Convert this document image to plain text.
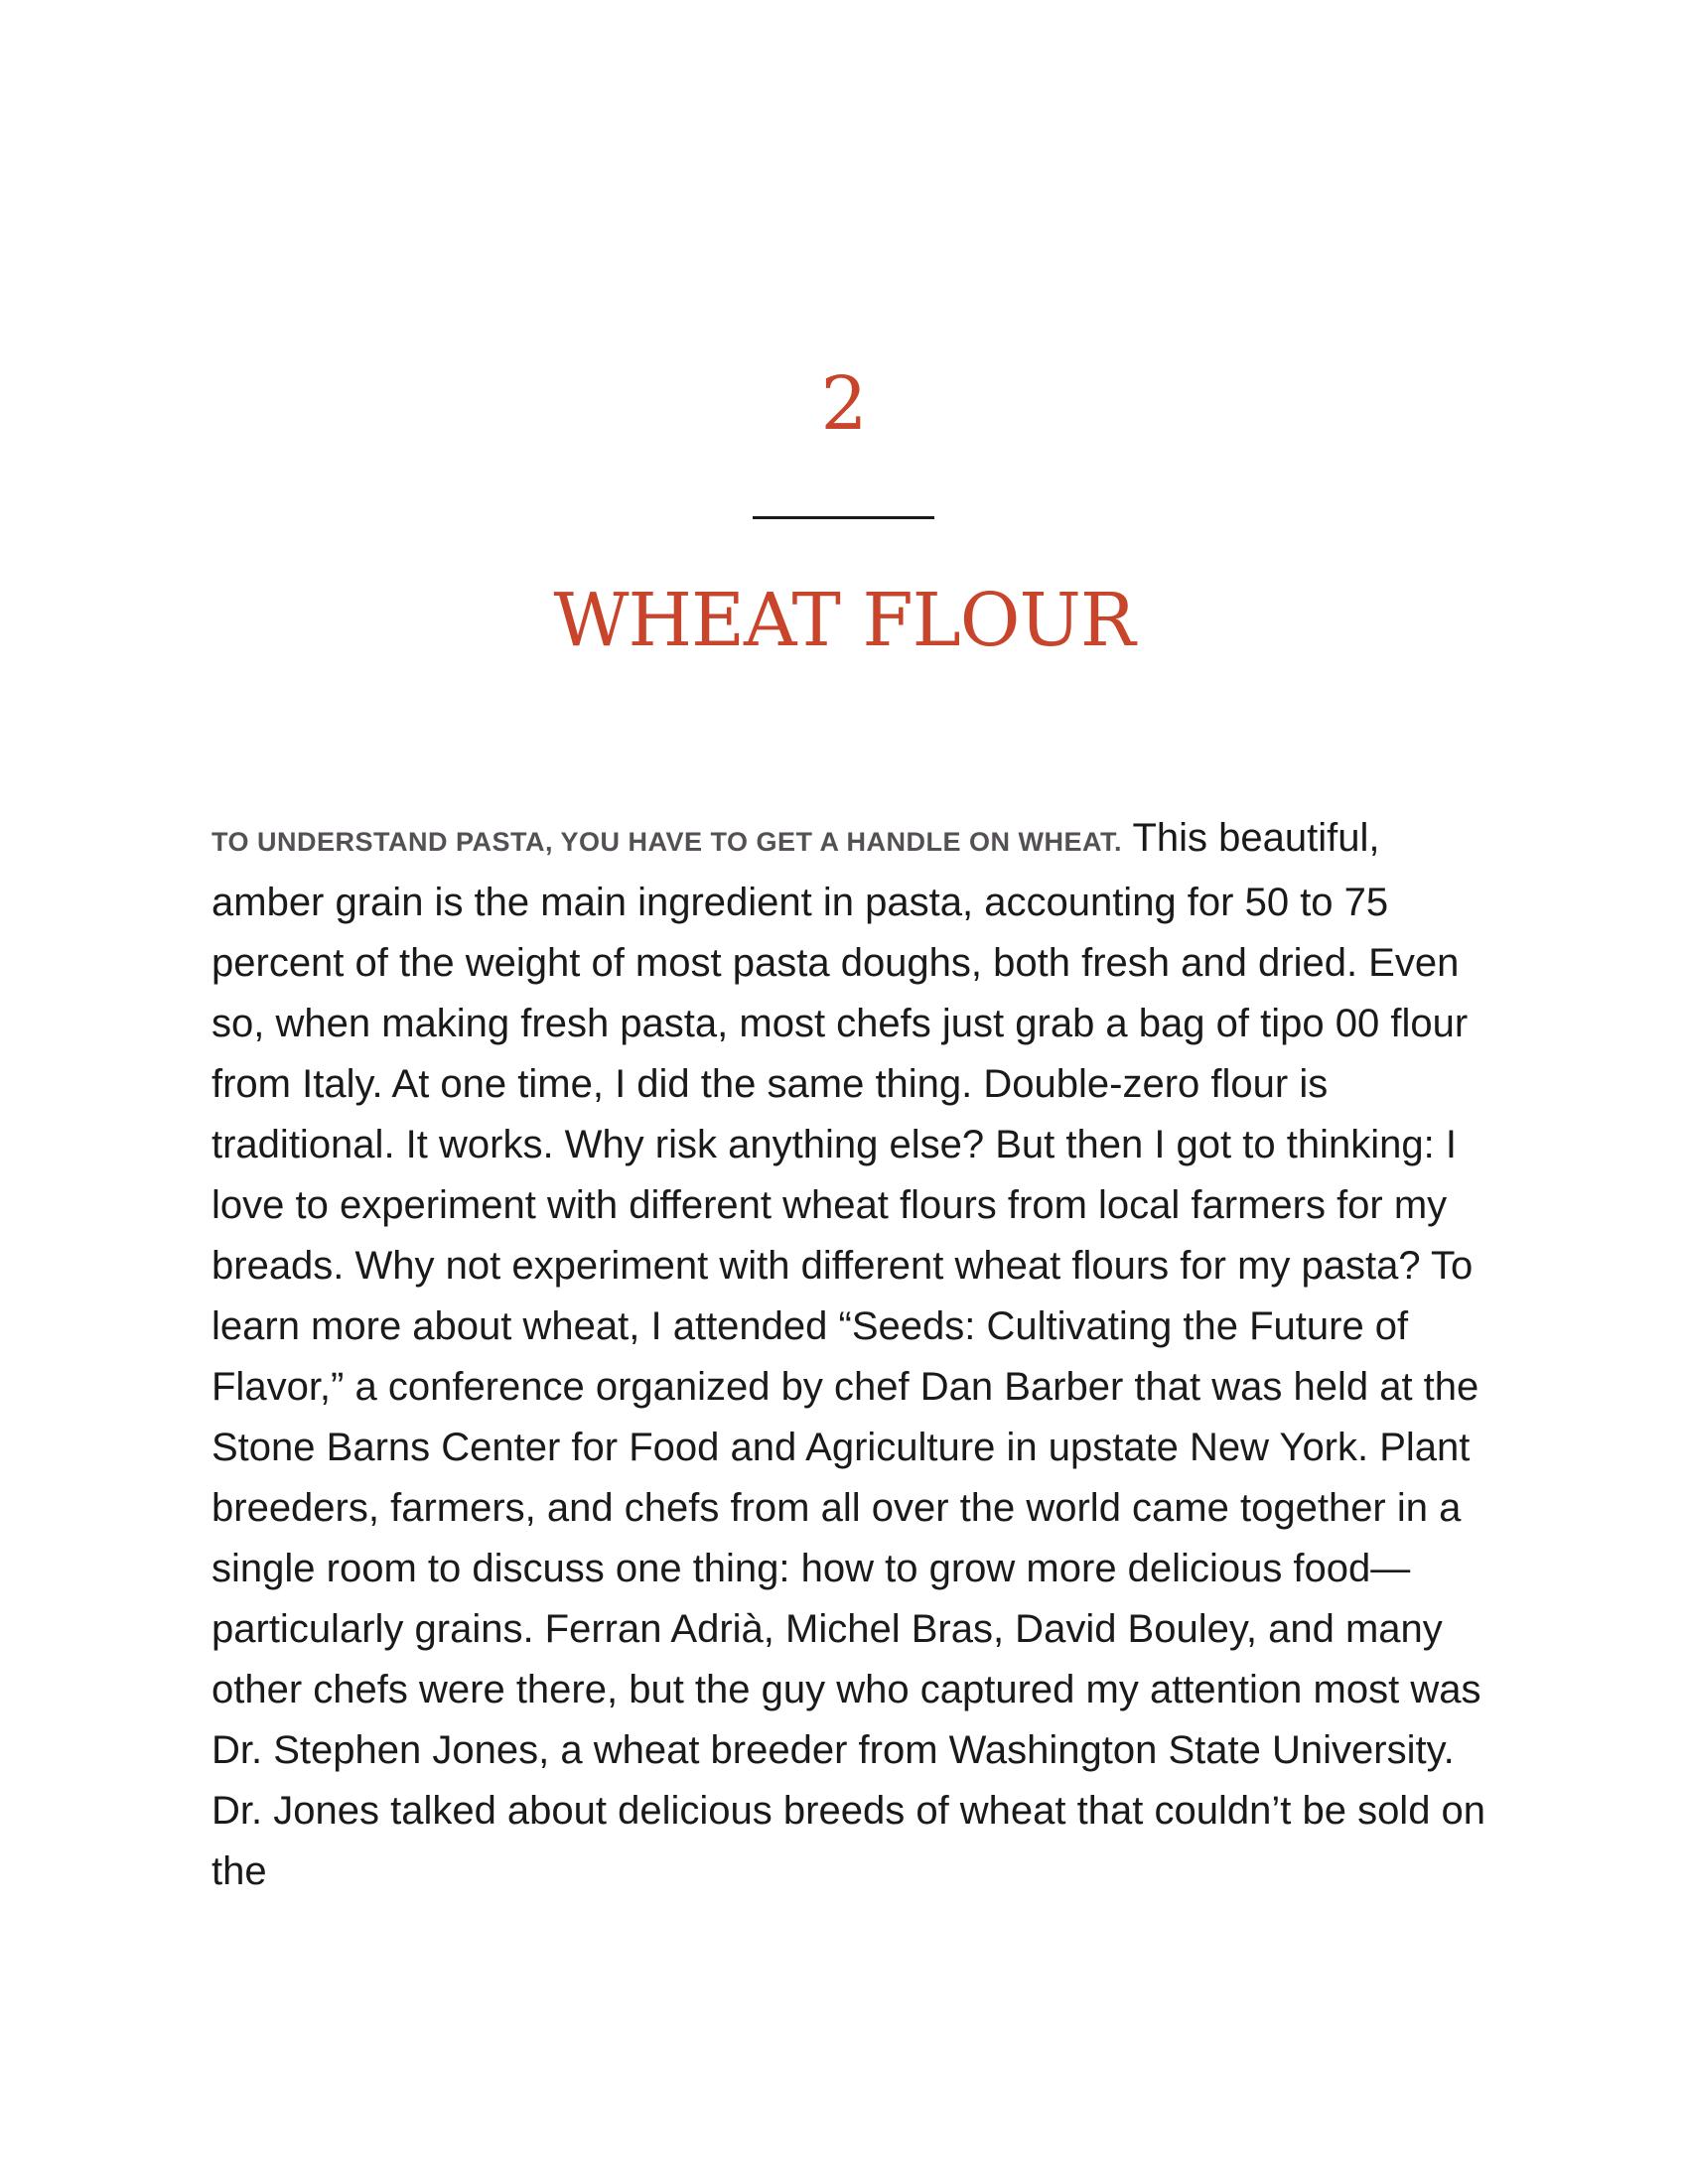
2
WHEAT FLOUR

TO UNDERSTAND PASTA, YOU HAVE TO GET A HANDLE ON WHEAT. This beautiful, amber grain is the main ingredient in pasta, accounting for 50 to 75 percent of the weight of most pasta doughs, both fresh and dried. Even so, when making fresh pasta, most chefs just grab a bag of tipo 00 flour from Italy. At one time, I did the same thing. Double-zero flour is traditional. It works. Why risk anything else? But then I got to thinking: I love to experiment with different wheat flours from local farmers for my breads. Why not experiment with different wheat flours for my pasta? To learn more about wheat, I attended “Seeds: Cultivating the Future of Flavor,” a conference organized by chef Dan Barber that was held at the Stone Barns Center for Food and Agriculture in upstate New York. Plant breeders, farmers, and chefs from all over the world came together in a single room to discuss one thing: how to grow more delicious food—particularly grains. Ferran Adrià, Michel Bras, David Bouley, and many other chefs were there, but the guy who captured my attention most was Dr. Stephen Jones, a wheat breeder from Washington State University. Dr. Jones talked about delicious breeds of wheat that couldn’t be sold on the
